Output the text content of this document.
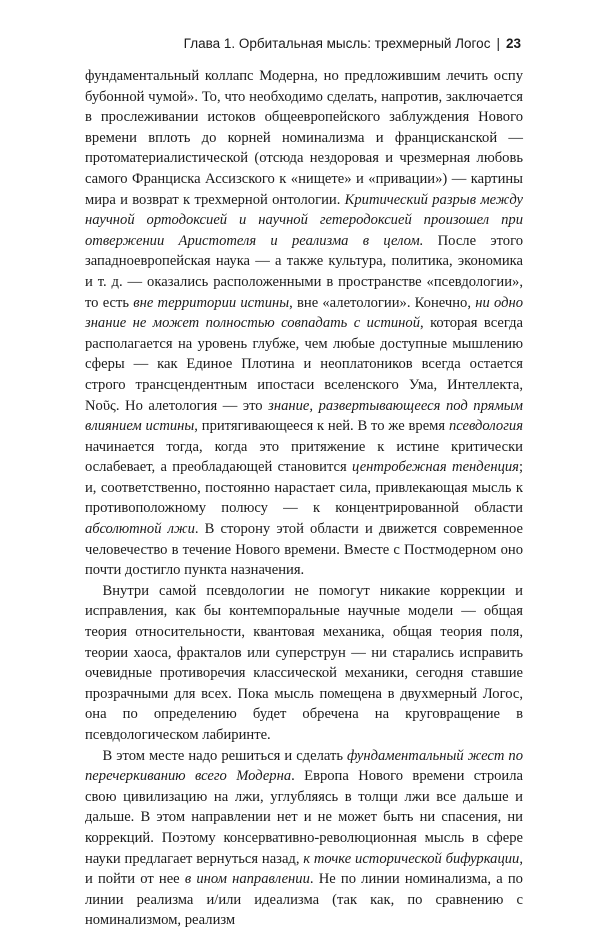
Глава 1. Орбитальная мысль: трехмерный Логос | 23

фундаментальный коллапс Модерна, но предложившим лечить оспу бубонной чумой». То, что необходимо сделать, напротив, заключается в прослеживании истоков общеевропейского заблуждения Нового времени вплоть до корней номинализма и францисканской — протоматериалистической (отсюда нездоровая и чрезмерная любовь самого Франциска Ассизского к «нищете» и «привации») — картины мира и возврат к трехмерной онтологии. Критический разрыв между научной ортодоксией и научной гетеродоксией произошел при отвержении Аристотеля и реализма в целом. После этого западноевропейская наука — а также культура, политика, экономика и т. д. — оказались расположенными в пространстве «псевдологии», то есть вне территории истины, вне «алетологии». Конечно, ни одно знание не может полностью совпадать с истиной, которая всегда располагается на уровень глубже, чем любые доступные мышлению сферы — как Единое Плотина и неоплатоников всегда остается строго трансцендентным ипостаси вселенского Ума, Интеллекта, Νοῦς. Но алетология — это знание, развертывающееся под прямым влиянием истины, притягивающееся к ней. В то же время псевдология начинается тогда, когда это притяжение к истине критически ослабевает, а преобладающей становится центробежная тенденция; и, соответственно, постоянно нарастает сила, привлекающая мысль к противоположному полюсу — к концентрированной области абсолютной лжи. В сторону этой области и движется современное человечество в течение Нового времени. Вместе с Постмодерном оно почти достигло пункта назначения.

Внутри самой псевдологии не помогут никакие коррекции и исправления, как бы контемпоральные научные модели — общая теория относительности, квантовая механика, общая теория поля, теории хаоса, фракталов или суперструн — ни старались исправить очевидные противоречия классической механики, сегодня ставшие прозрачными для всех. Пока мысль помещена в двухмерный Логос, она по определению будет обречена на круговращение в псевдологическом лабиринте.

В этом месте надо решиться и сделать фундаментальный жест по перечеркиванию всего Модерна. Европа Нового времени строила свою цивилизацию на лжи, углубляясь в толщи лжи все дальше и дальше. В этом направлении нет и не может быть ни спасения, ни коррекций. Поэтому консервативно-революционная мысль в сфере науки предлагает вернуться назад, к точке исторической бифуркации, и пойти от нее в ином направлении. Не по линии номинализма, а по линии реализма и/или идеализма (так как, по сравнению с номинализмом, реализм
